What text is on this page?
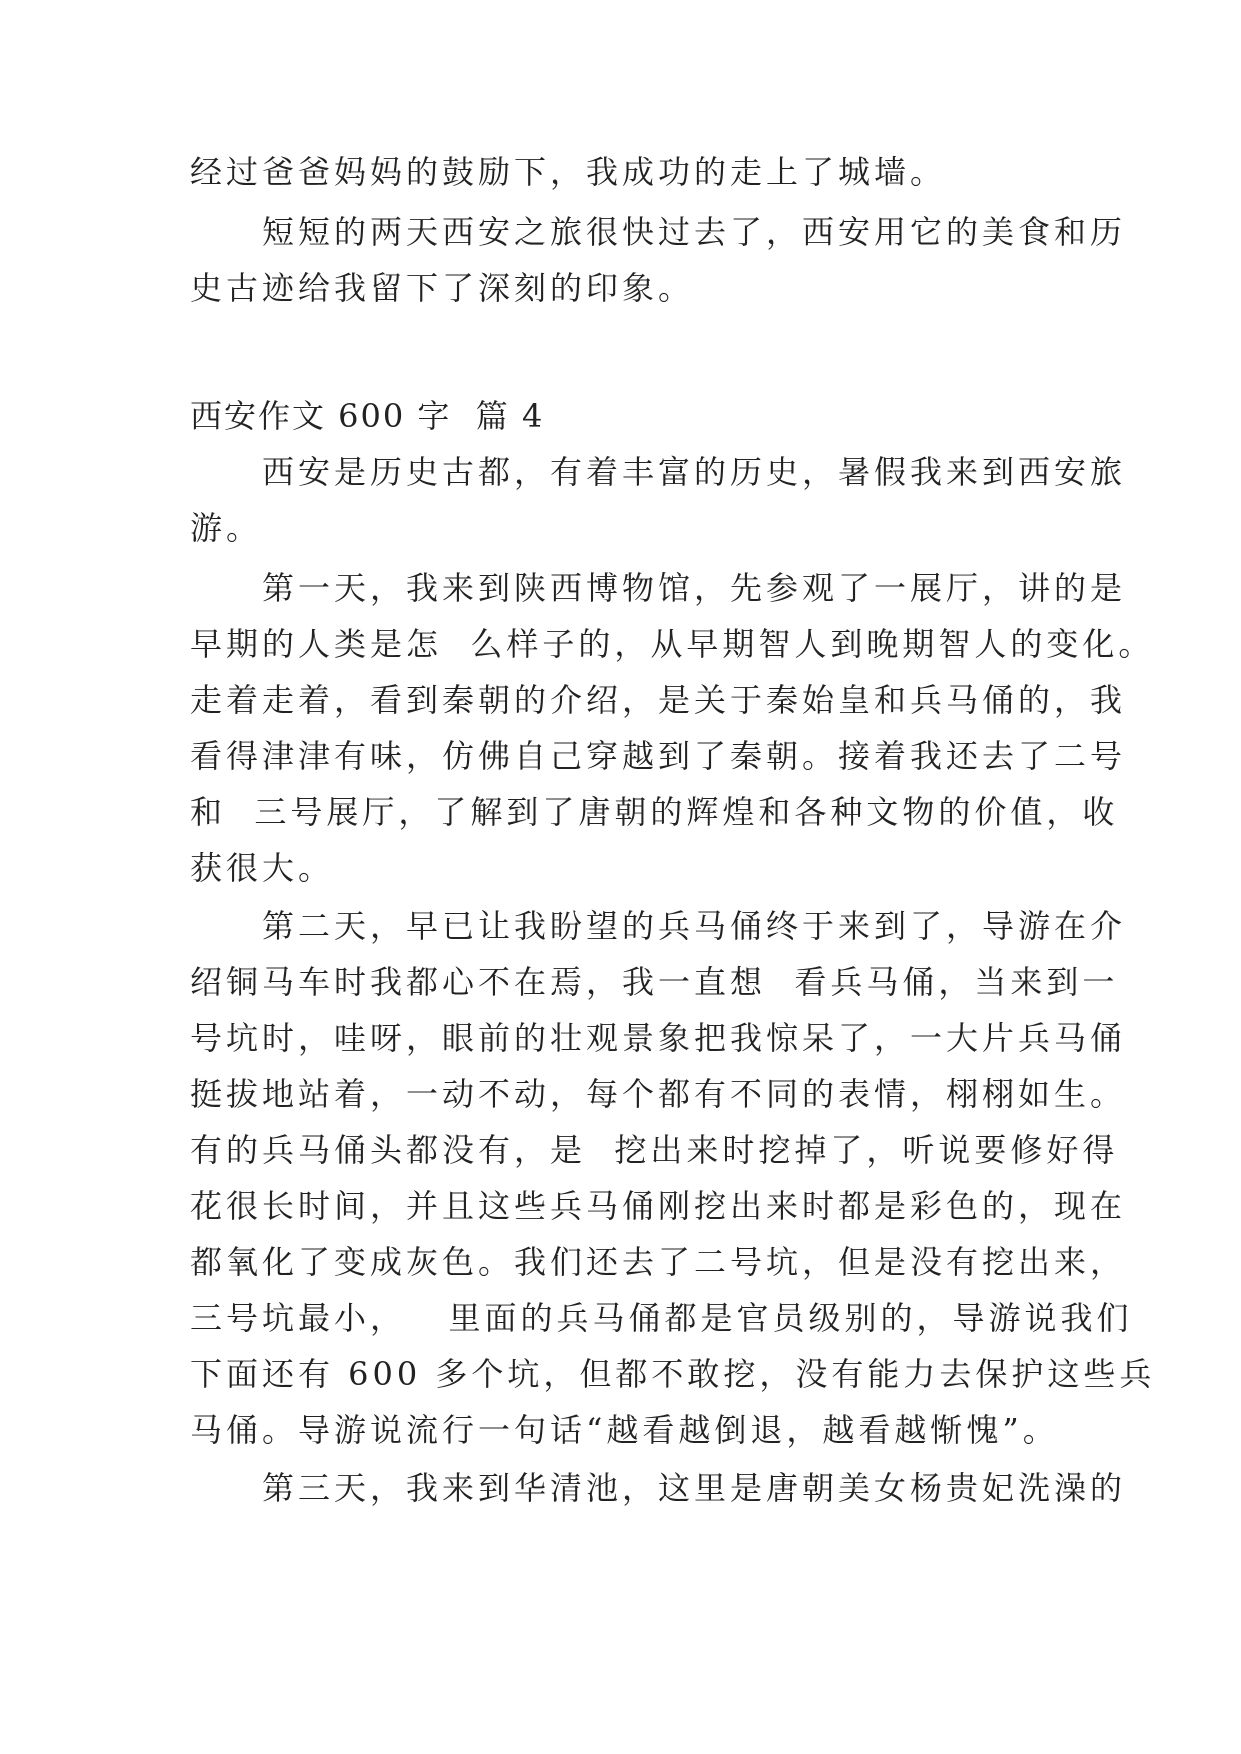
经过爸爸妈妈的鼓励下，我成功的走上了城墙。
　　短短的两天西安之旅很快过去了，西安用它的美食和历
史古迹给我留下了深刻的印象。
西安作文 600 字  篇 4
　　西安是历史古都，有着丰富的历史，暑假我来到西安旅
游。
　　第一天，我来到陕西博物馆，先参观了一展厅，讲的是
早期的人类是怎  么样子的，从早期智人到晚期智人的变化。
走着走着，看到秦朝的介绍，是关于秦始皇和兵马俑的，我
看得津津有味，仿佛自己穿越到了秦朝。接着我还去了二号
和  三号展厅，了解到了唐朝的辉煌和各种文物的价值，收
获很大。
　　第二天，早已让我盼望的兵马俑终于来到了，导游在介
绍铜马车时我都心不在焉，我一直想  看兵马俑，当来到一
号坑时，哇呀，眼前的壮观景象把我惊呆了，一大片兵马俑
挺拔地站着，一动不动，每个都有不同的表情，栩栩如生。
有的兵马俑头都没有，是  挖出来时挖掉了，听说要修好得
花很长时间，并且这些兵马俑刚挖出来时都是彩色的，现在
都氧化了变成灰色。我们还去了二号坑，但是没有挖出来，
三号坑最小，   里面的兵马俑都是官员级别的，导游说我们
下面还有 600 多个坑，但都不敢挖，没有能力去保护这些兵
马俑。导游说流行一句话“越看越倒退，越看越惭愧”。
　　第三天，我来到华清池，这里是唐朝美女杨贵妃洗澡的
